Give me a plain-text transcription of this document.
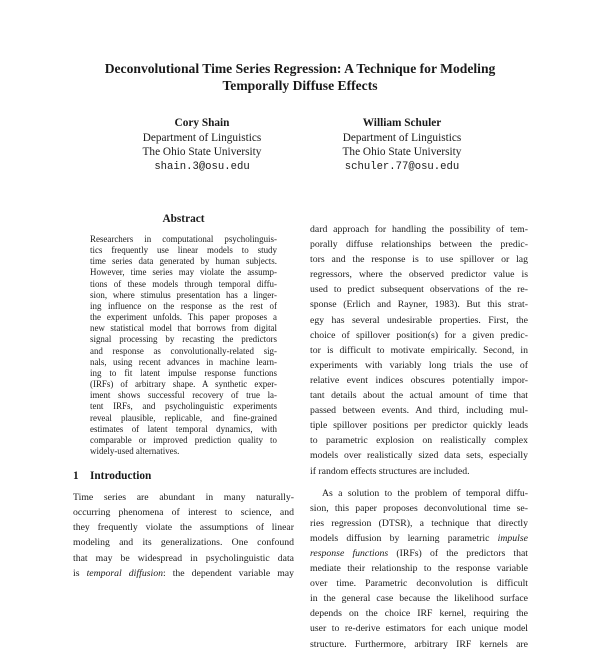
Deconvolutional Time Series Regression: A Technique for Modeling
Temporally Diffuse Effects
Cory Shain
Department of Linguistics
The Ohio State University
shain.3@osu.edu
William Schuler
Department of Linguistics
The Ohio State University
schuler.77@osu.edu
Abstract
Researchers in computational psycholinguis-
tics frequently use linear models to study
time series data generated by human subjects.
However, time series may violate the assump-
tions of these models through temporal diffu-
sion, where stimulus presentation has a linger-
ing influence on the response as the rest of
the experiment unfolds. This paper proposes a
new statistical model that borrows from digital
signal processing by recasting the predictors
and response as convolutionally-related sig-
nals, using recent advances in machine learn-
ing to fit latent impulse response functions
(IRFs) of arbitrary shape. A synthetic exper-
iment shows successful recovery of true la-
tent IRFs, and psycholinguistic experiments
reveal plausible, replicable, and fine-grained
estimates of latent temporal dynamics, with
comparable or improved prediction quality to
widely-used alternatives.
1 Introduction
Time series are abundant in many naturally-
occurring phenomena of interest to science, and
they frequently violate the assumptions of linear
modeling and its generalizations. One confound
that may be widespread in psycholinguistic data
is temporal diffusion: the dependent variable may
dard approach for handling the possibility of tem-
porally diffuse relationships between the predic-
tors and the response is to use spillover or lag
regressors, where the observed predictor value is
used to predict subsequent observations of the re-
sponse (Erlich and Rayner, 1983). But this strat-
egy has several undesirable properties. First, the
choice of spillover position(s) for a given predic-
tor is difficult to motivate empirically. Second, in
experiments with variably long trials the use of
relative event indices obscures potentially impor-
tant details about the actual amount of time that
passed between events. And third, including mul-
tiple spillover positions per predictor quickly leads
to parametric explosion on realistically complex
models over realistically sized data sets, especially
if random effects structures are included.
As a solution to the problem of temporal diffu-
sion, this paper proposes deconvolutional time se-
ries regression (DTSR), a technique that directly
models diffusion by learning parametric impulse
response functions (IRFs) of the predictors that
mediate their relationship to the response variable
over time. Parametric deconvolution is difficult
in the general case because the likelihood surface
depends on the choice IRF kernel, requiring the
user to re-derive estimators for each unique model
structure. Furthermore, arbitrary IRF kernels are
